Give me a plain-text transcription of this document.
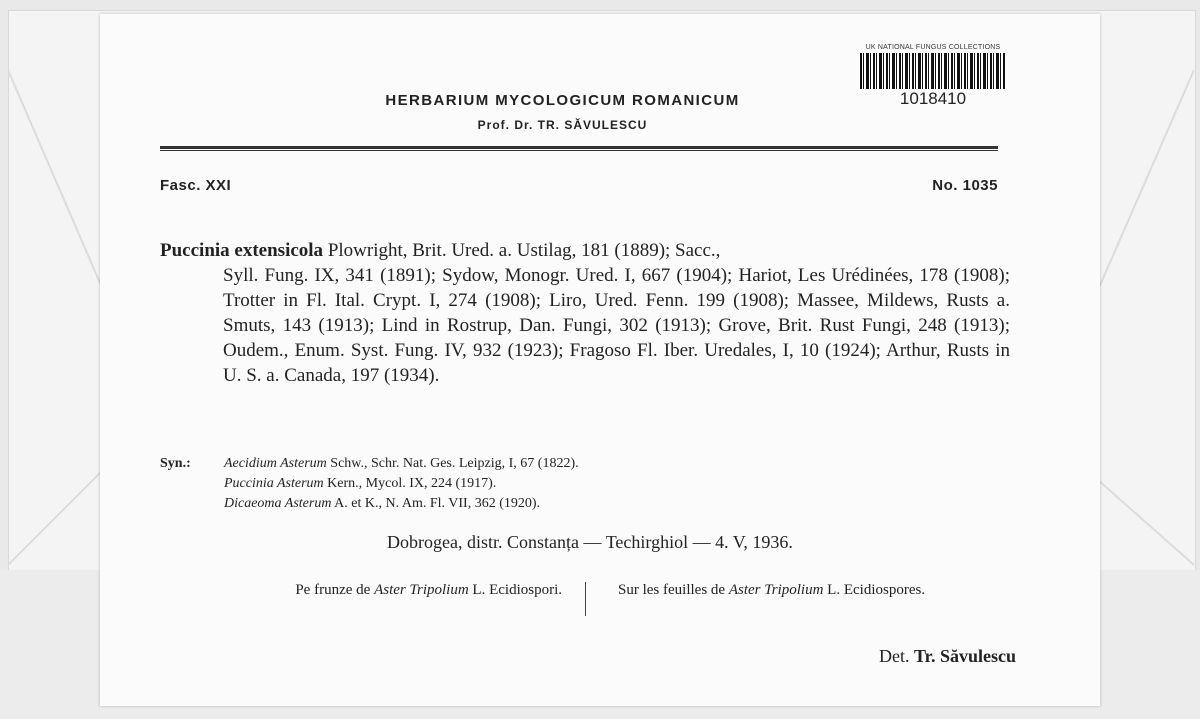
UK NATIONAL FUNGUS COLLECTIONS
1018410
HERBARIUM MYCOLOGICUM ROMANICUM
Prof. Dr. TR. SĂVULESCU
Fasc. XXI	No. 1035
Puccinia extensicola Plowright, Brit. Ured. a. Ustilag, 181 (1889); Sacc.,
Syll. Fung. IX, 341 (1891); Sydow, Monogr. Ured. I, 667 (1904); Hariot, Les Urédinées, 178 (1908); Trotter in Fl. Ital. Crypt. I, 274 (1908); Liro, Ured. Fenn. 199 (1908); Massee, Mildews, Rusts a. Smuts, 143 (1913); Lind in Rostrup, Dan. Fungi, 302 (1913); Grove, Brit. Rust Fungi, 248 (1913); Oudem., Enum. Syst. Fung. IV, 932 (1923); Fragoso Fl. Iber. Uredales, I, 10 (1924); Arthur, Rusts in U. S. a. Canada, 197 (1934).
Syn.: Aecidium Asterum Schw., Schr. Nat. Ges. Leipzig, I, 67 (1822).
Puccinia Asterum Kern., Mycol. IX, 224 (1917).
Dicaeoma Asterum A. et K., N. Am. Fl. VII, 362 (1920).
Dobrogea, distr. Constanța — Techirghiol — 4. V, 1936.
Pe frunze de Aster Tripolium L. Ecidiospori.	Sur les feuilles de Aster Tripolium L. Ecidiospores.
Det. Tr. Săvulescu
